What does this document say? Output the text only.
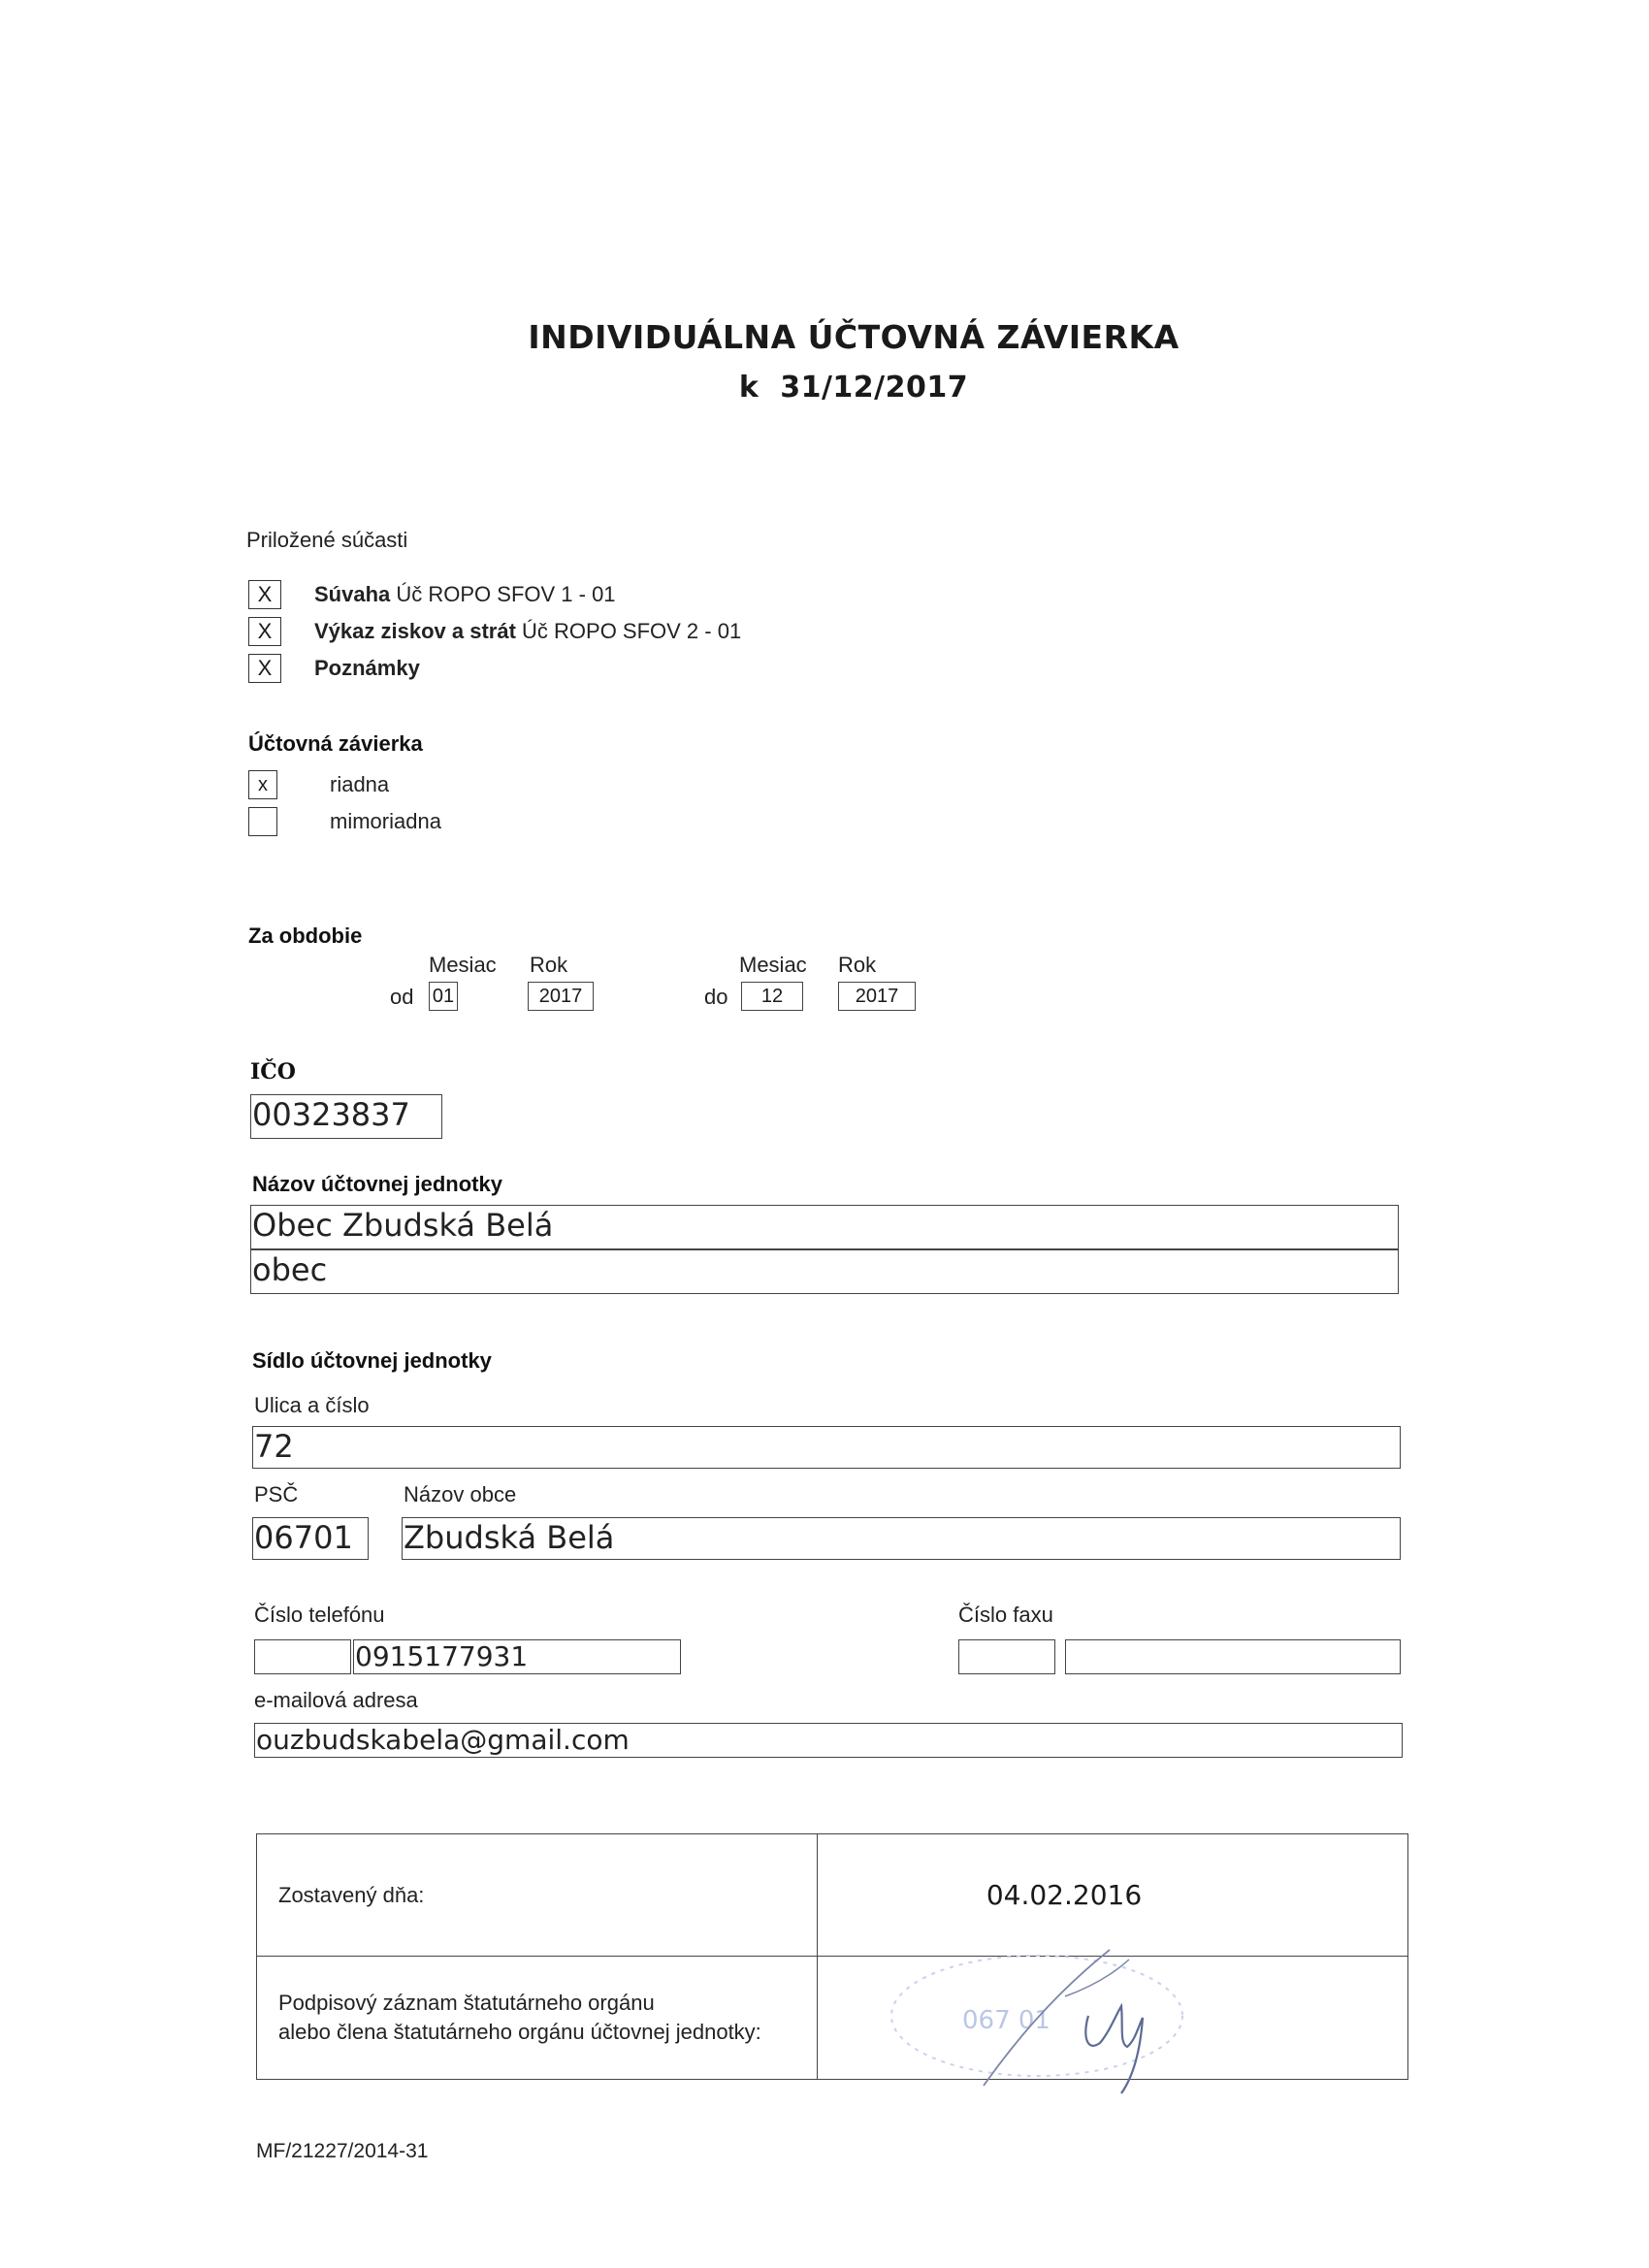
INDIVIDUÁLNA ÚČTOVNÁ ZÁVIERKA
k  31/12/2017
Priložené súčasti
X	Súvaha Úč ROPO SFOV 1 - 01
X	Výkaz ziskov a strát Úč ROPO SFOV 2 - 01
X	Poznámky
Účtovná závierka
x	riadna
mimoriadna
Za obdobie
Mesiac Rok	Mesiac Rok
od 01	2017	do	12	2017
IČO
00323837
Názov účtovnej jednotky
Obec Zbudská Belá
obec
Sídlo účtovnej jednotky
Ulica a číslo
72
PSČ	Názov obce
06701	Zbudská Belá
Číslo telefónu	Číslo faxu
0915177931
e-mailová adresa
ouzbudskabela@gmail.com
Zostavený dňa:	04.02.2016

Podpisový záznam štatutárneho orgánu
alebo člena štatutárneho orgánu účtovnej jednotky:	067 01
MF/21227/2014-31
